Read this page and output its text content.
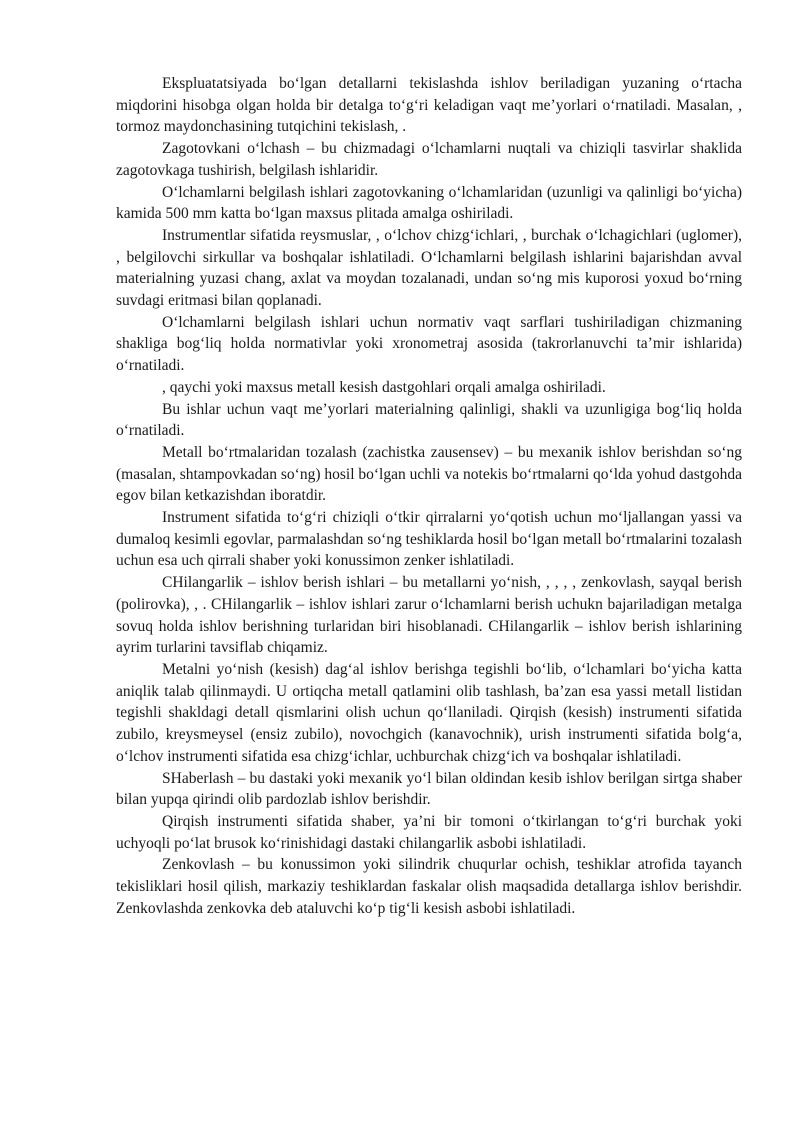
Ekspluatatsiyada bo‘lgan detallarni tekislashda ishlov beriladigan yuzaning o‘rtacha miqdorini hisobga olgan holda bir detalga to‘g‘ri keladigan vaqt me’yorlari o‘rnatiladi. Masalan, , tormoz maydonchasining tutqichini tekislash, .

Zagotovkani o‘lchash – bu chizmadagi o‘lchamlarni nuqtali va chiziqli tasvirlar shaklida zagotovkaga tushirish, belgilash ishlaridir.

O‘lchamlarni belgilash ishlari zagotovkaning o‘lchamlaridan (uzunligi va qalinligi bo‘yicha) kamida 500 mm katta bo‘lgan maxsus plitada amalga oshiriladi.

Instrumentlar sifatida reysmuslar, , o‘lchov chizg‘ichlari, , burchak o‘lchagichlari (uglomer), , belgilovchi sirkullar va boshqalar ishlatiladi. O‘lchamlarni belgilash ishlarini bajarishdan avval materialning yuzasi chang, axlat va moydan tozalanadi, undan so‘ng mis kuporosi yoxud bo‘rning suvdagi eritmasi bilan qoplanadi.

O‘lchamlarni belgilash ishlari uchun normativ vaqt sarflari tushiriladigan chizmaning shakliga bog‘liq holda normativlar yoki xronometraj asosida (takrorlanuvchi ta’mir ishlarida) o‘rnatiladi.

, qaychi yoki maxsus metall kesish dastgohlari orqali amalga oshiriladi.

Bu ishlar uchun vaqt me’yorlari materialning qalinligi, shakli va uzunligiga bog‘liq holda o‘rnatiladi.

Metall bo‘rtmalaridan tozalash (zachistka zausensev) – bu mexanik ishlov berishdan so‘ng (masalan, shtampovkadan so‘ng) hosil bo‘lgan uchli va notekis bo‘rtmalarni qo‘lda yohud dastgohda egov bilan ketkazishdan iboratdir.

Instrument sifatida to‘g‘ri chiziqli o‘tkir qirralarni yo‘qotish uchun mo‘ljallangan yassi va dumaloq kesimli egovlar, parmalashdan so‘ng teshiklarda hosil bo‘lgan metall bo‘rtmalarini tozalash uchun esa uch qirrali shaber yoki konussimon zenker ishlatiladi.

CHilangarlik – ishlov berish ishlari – bu metallarni yo‘nish, , , , , zenkovlash, sayqal berish (polirovka), , . CHilangarlik – ishlov ishlari zarur o‘lchamlarni berish uchukn bajariladigan metalga sovuq holda ishlov berishning turlaridan biri hisoblanadi. CHilangarlik – ishlov berish ishlarining ayrim turlarini tavsiflab chiqamiz.

Metalni yo‘nish (kesish) dag‘al ishlov berishga tegishli bo‘lib, o‘lchamlari bo‘yicha katta aniqlik talab qilinmaydi. U ortiqcha metall qatlamini olib tashlash, ba’zan esa yassi metall listidan tegishli shakldagi detall qismlarini olish uchun qo‘llaniladi. Qirqish (kesish) instrumenti sifatida zubilo, kreysmeysel (ensiz zubilo), novochgich (kanavochnik), urish instrumenti sifatida bolg‘a, o‘lchov instrumenti sifatida esa chizg‘ichlar, uchburchak chizg‘ich va boshqalar ishlatiladi.

SHaberlash – bu dastaki yoki mexanik yo‘l bilan oldindan kesib ishlov berilgan sirtga shaber bilan yupqa qirindi olib pardozlab ishlov berishdir.

Qirqish instrumenti sifatida shaber, ya’ni bir tomoni o‘tkirlangan to‘g‘ri burchak yoki uchyoqli po‘lat brusok ko‘rinishidagi dastaki chilangarlik asbobi ishlatiladi.

Zenkovlash – bu konussimon yoki silindrik chuqurlar ochish, teshiklar atrofida tayanch tekisliklari hosil qilish, markaziy teshiklardan faskalar olish maqsadida detallarga ishlov berishdir. Zenkovlashda zenkovka deb ataluvchi ko‘p tig‘li kesish asbobi ishlatiladi.
